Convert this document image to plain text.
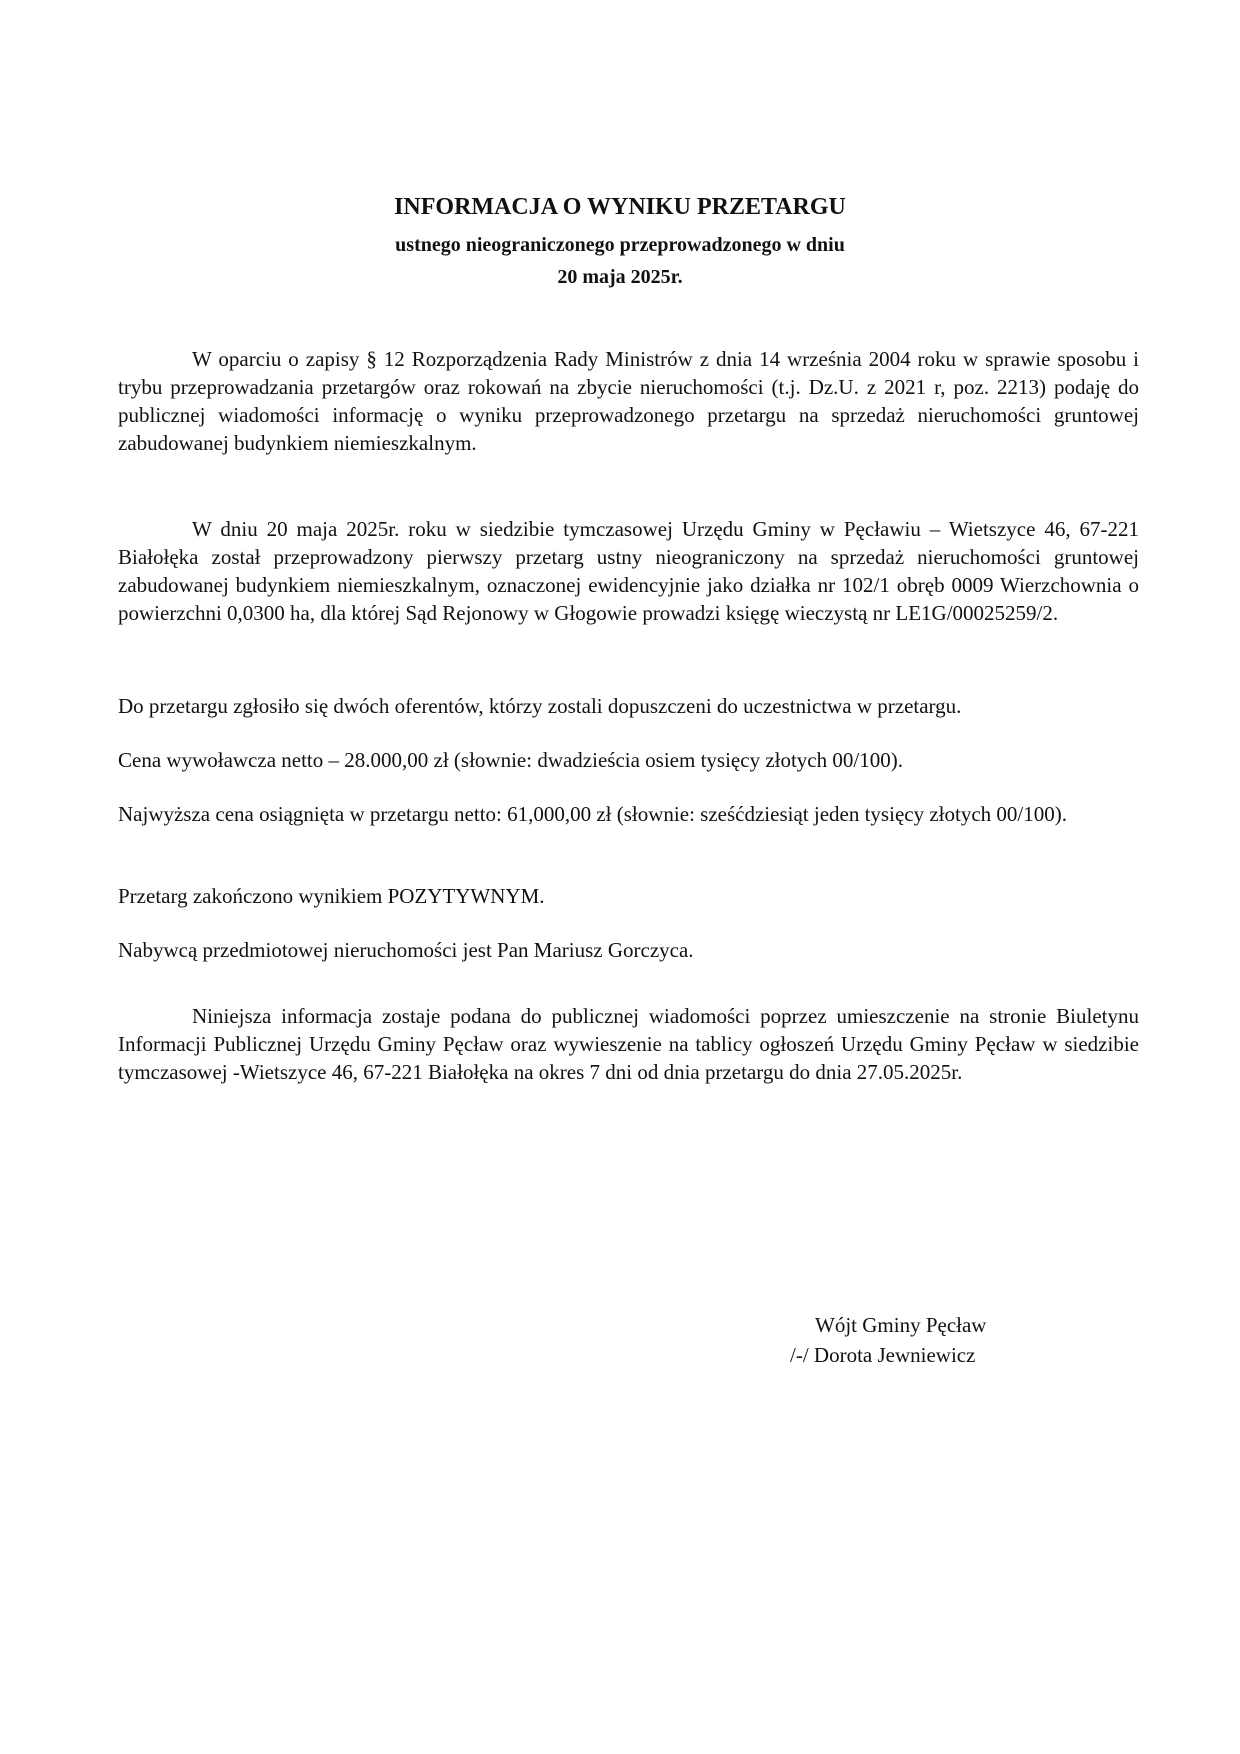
INFORMACJA O WYNIKU PRZETARGU
ustnego nieograniczonego przeprowadzonego w dniu
20 maja 2025r.

W oparciu o zapisy § 12 Rozporządzenia Rady Ministrów z dnia 14 września 2004 roku w sprawie sposobu i trybu przeprowadzania przetargów oraz rokowań na zbycie nieruchomości (t.j. Dz.U. z 2021 r, poz. 2213) podaję do publicznej wiadomości informację o wyniku przeprowadzonego przetargu na sprzedaż nieruchomości gruntowej zabudowanej budynkiem niemieszkalnym.

W dniu 20 maja 2025r. roku w siedzibie tymczasowej Urzędu Gminy w Pęcławiu – Wietszyce 46, 67-221 Białołęka został przeprowadzony pierwszy przetarg ustny nieograniczony na sprzedaż nieruchomości gruntowej zabudowanej budynkiem niemieszkalnym, oznaczonej ewidencyjnie jako działka nr 102/1 obręb 0009 Wierzchownia o powierzchni 0,0300 ha, dla której Sąd Rejonowy w Głogowie prowadzi księgę wieczystą nr LE1G/00025259/2.

Do przetargu zgłosiło się dwóch oferentów, którzy zostali dopuszczeni do uczestnictwa w przetargu.

Cena wywoławcza netto – 28.000,00 zł (słownie: dwadzieścia osiem tysięcy złotych 00/100).

Najwyższa cena osiągnięta w przetargu netto: 61,000,00 zł (słownie: sześćdziesiąt jeden tysięcy złotych 00/100).

Przetarg zakończono wynikiem POZYTYWNYM.

Nabywcą przedmiotowej nieruchomości jest Pan Mariusz Gorczyca.

Niniejsza informacja zostaje podana do publicznej wiadomości poprzez umieszczenie na stronie Biuletynu Informacji Publicznej Urzędu Gminy Pęcław oraz wywieszenie na tablicy ogłoszeń Urzędu Gminy Pęcław w siedzibie tymczasowej -Wietszyce 46, 67-221 Białołęka na okres 7 dni od dnia przetargu do dnia 27.05.2025r.

Wójt Gminy Pęcław
/-/ Dorota Jewniewicz
